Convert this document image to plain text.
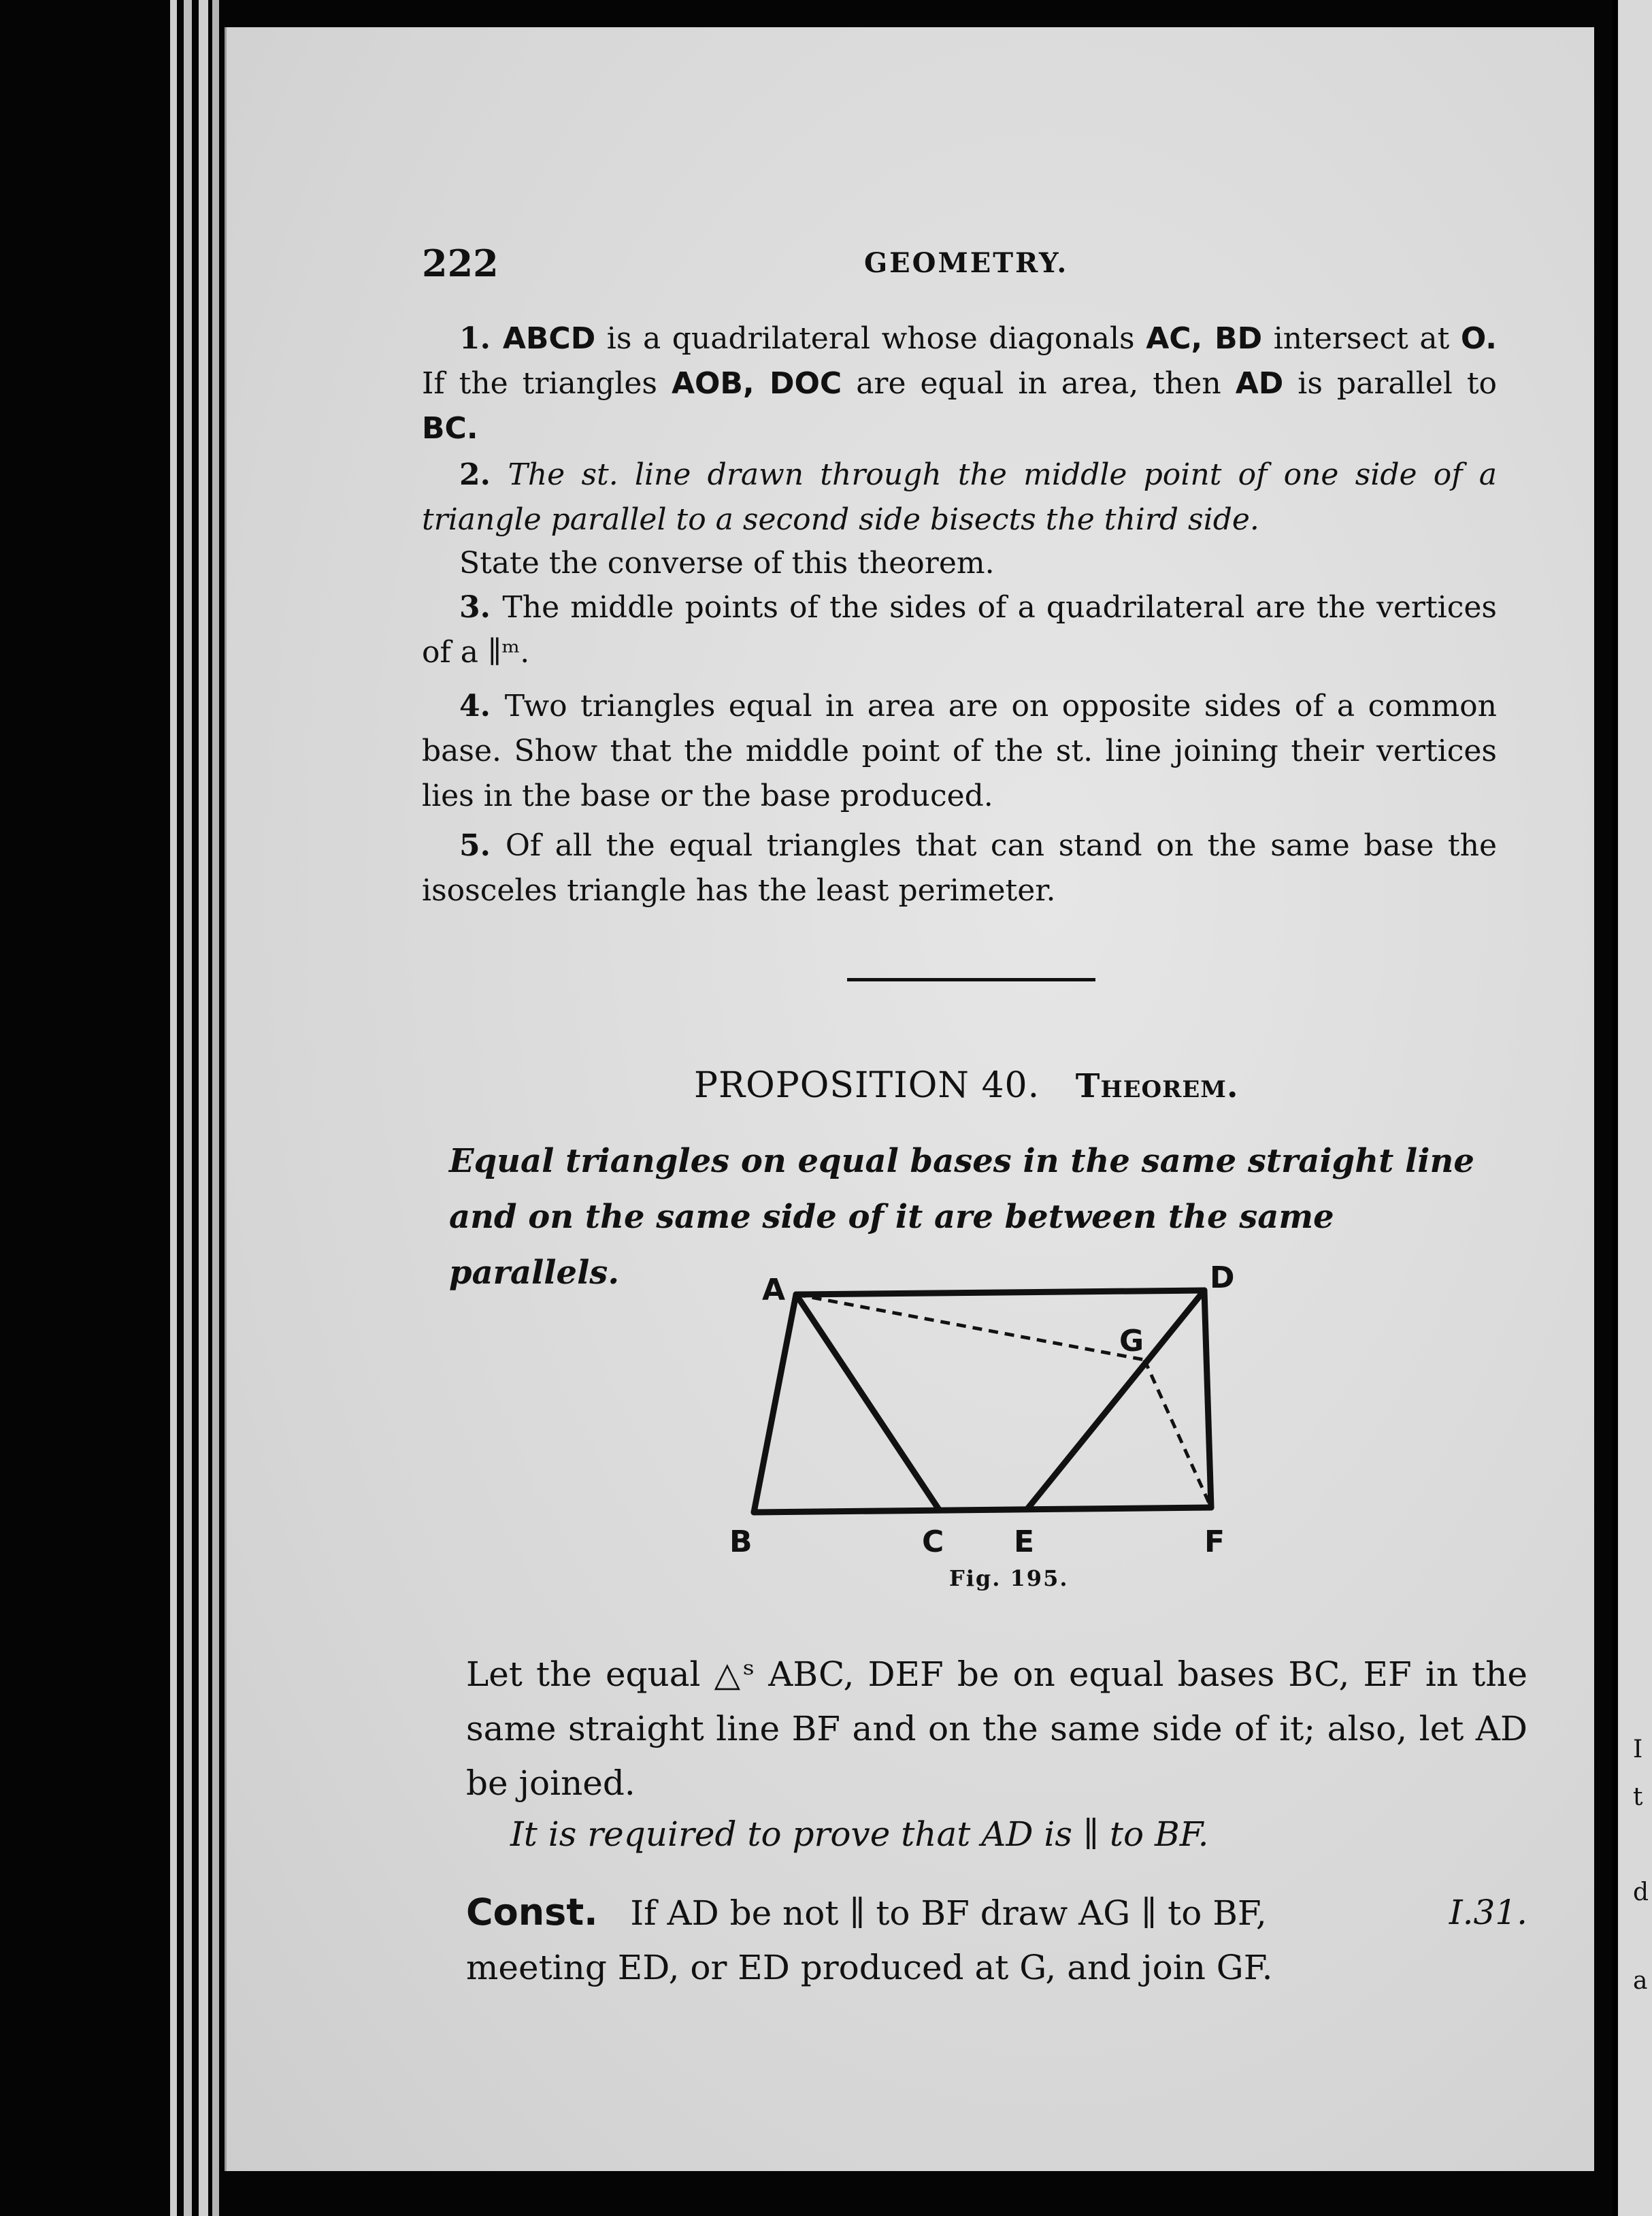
I
t
d
a
222	GEOMETRY.
1. ABCD is a quadrilateral whose diagonals AC, BD intersect at O. If the triangles AOB, DOC are equal in area, then AD is parallel to BC.
2. The st. line drawn through the middle point of one side of a triangle parallel to a second side bisects the third side.
State the converse of this theorem.
3. The middle points of the sides of a quadrilateral are the vertices of a ∥ᵐ.
4. Two triangles equal in area are on opposite sides of a common base. Show that the middle point of the st. line joining their vertices lies in the base or the base produced.
5. Of all the equal triangles that can stand on the same base the isosceles triangle has the least perimeter.
PROPOSITION 40. Theorem.
Equal triangles on equal bases in the same straight line and on the same side of it are between the same parallels.	A
B	C
D
E	F
G
Fig. 195.
Let the equal △ˢ ABC, DEF be on equal bases BC, EF in the same straight line BF and on the same side of it; also, let AD be joined.
It is required to prove that AD is ∥ to BF.
Const. If AD be not ∥ to BF draw AG ∥ to BF,	I.31.

meeting ED, or ED produced at G, and join GF.
